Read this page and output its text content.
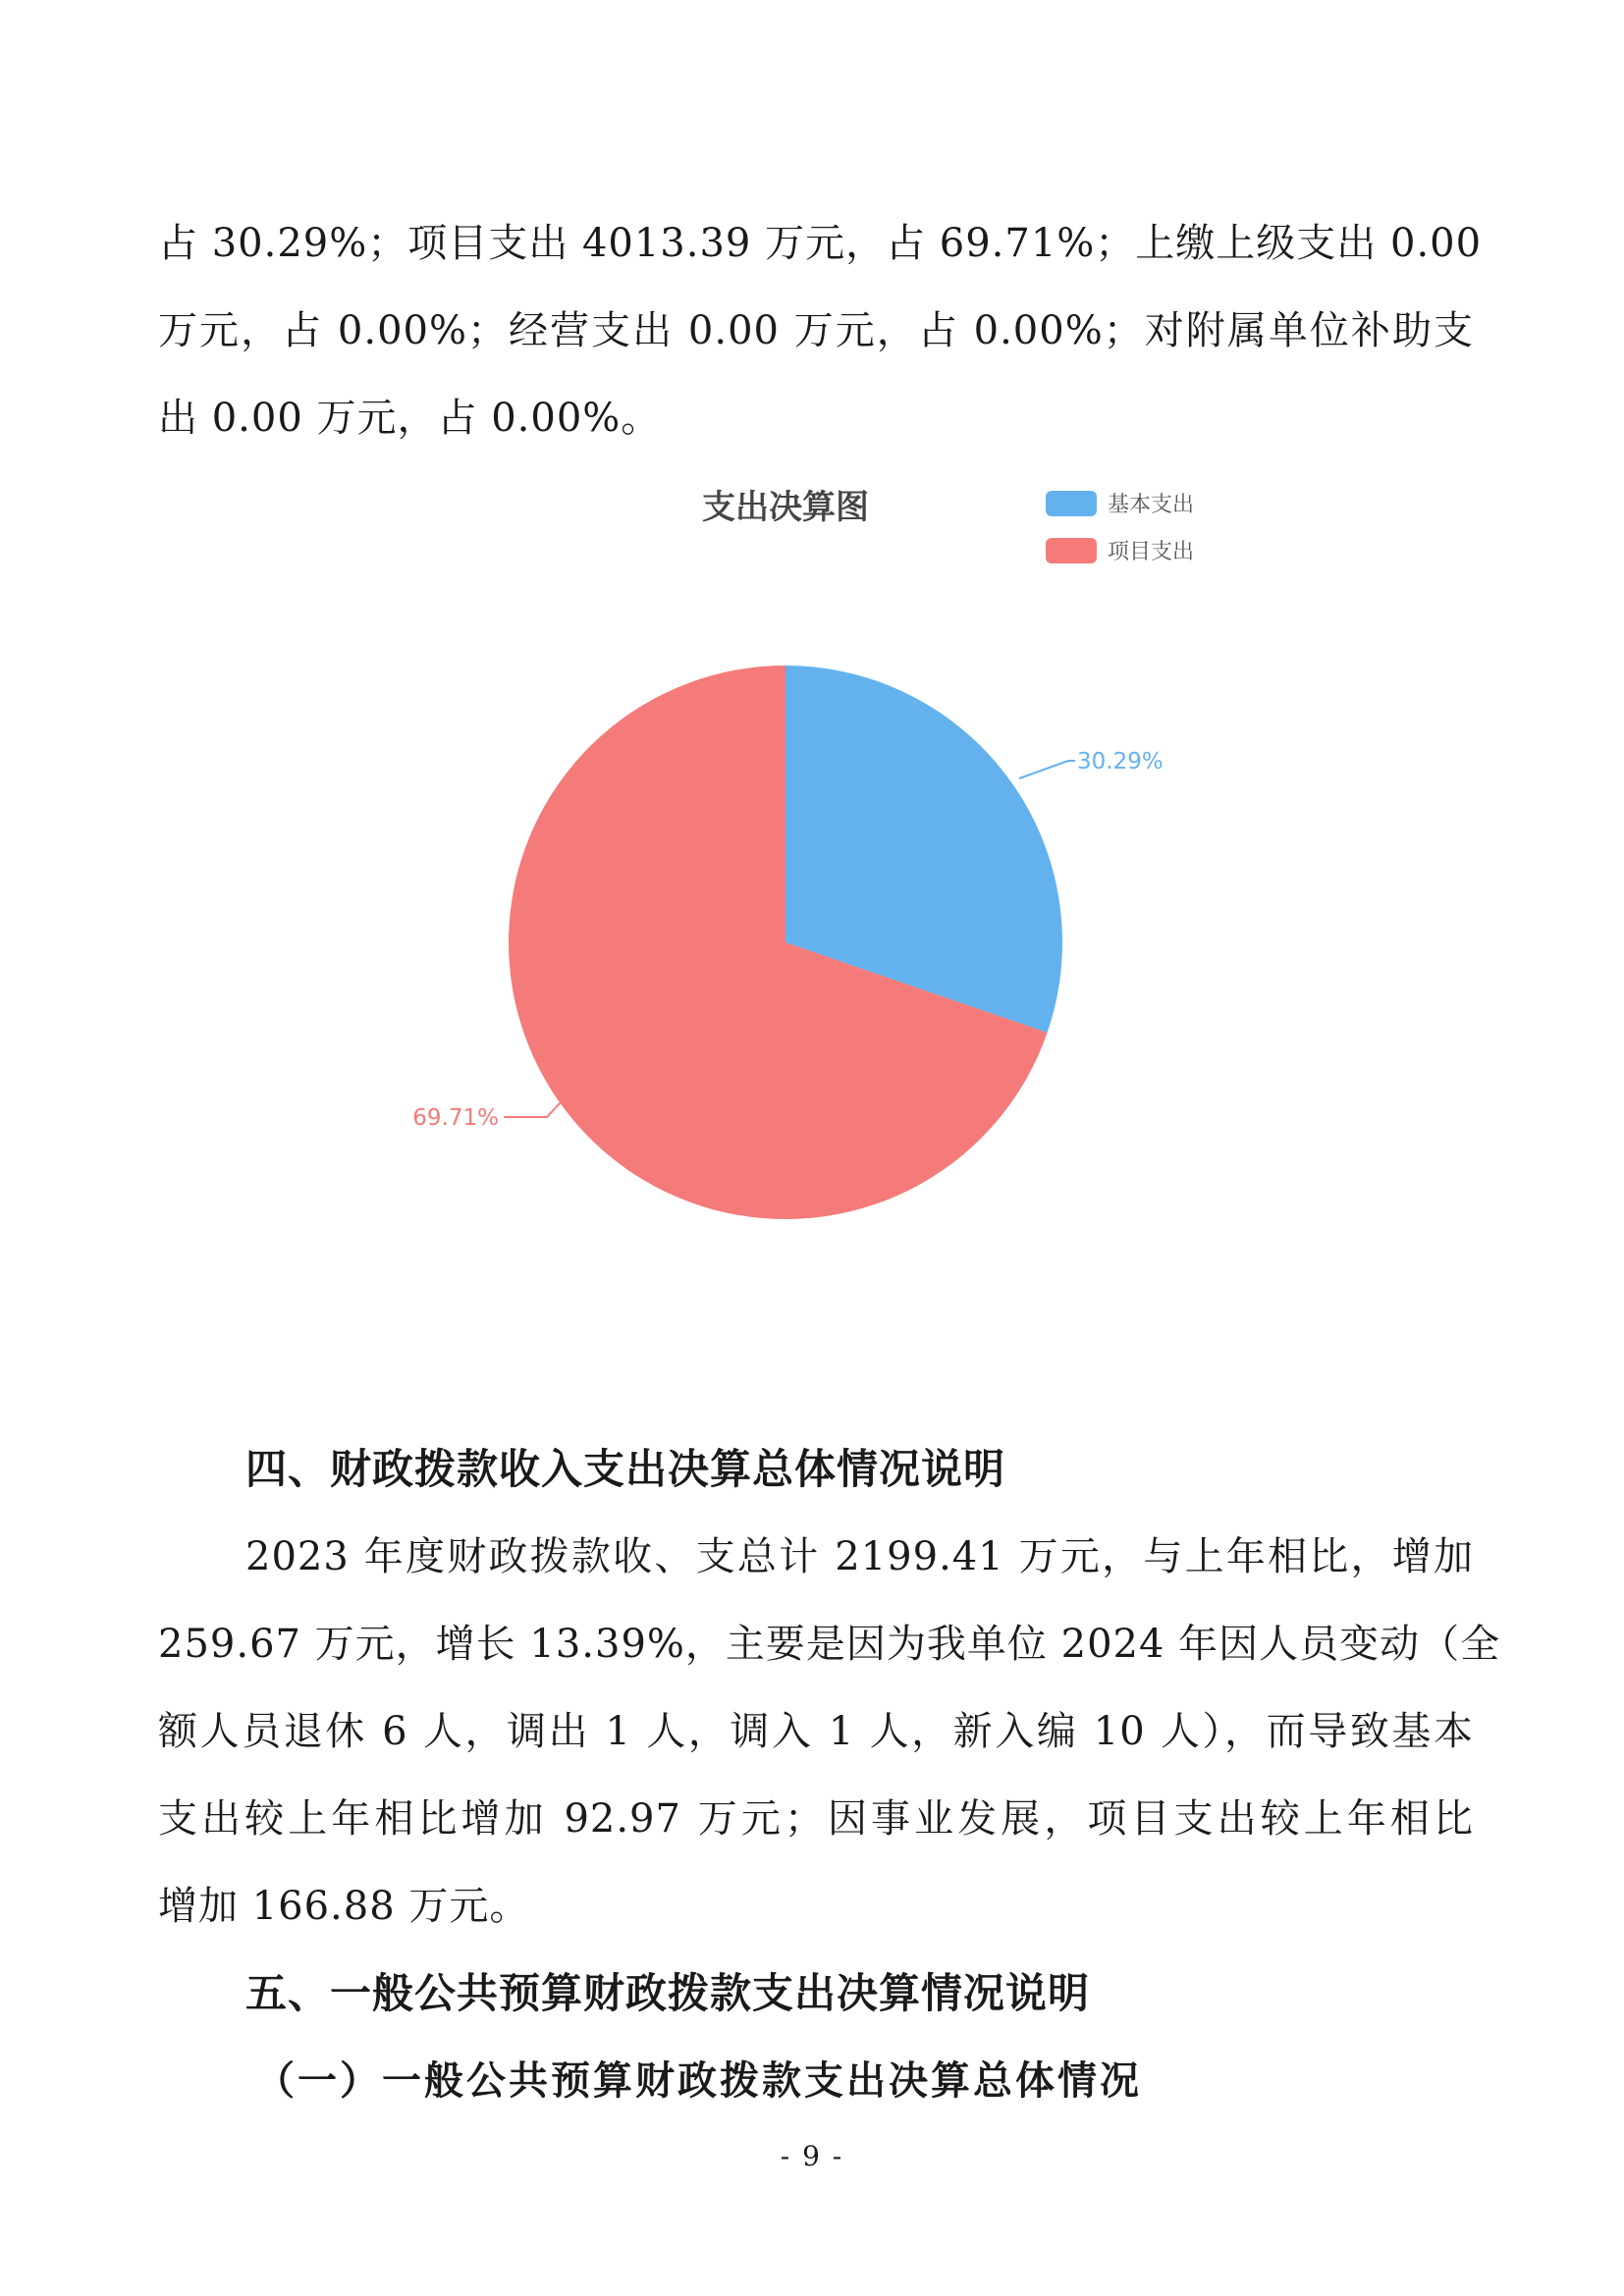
占 30.29%；项目支出 4013.39 万元，占 69.71%；上缴上级支出 0.00
万元，占 0.00%；经营支出 0.00 万元，占 0.00%；对附属单位补助支
出 0.00 万元，占 0.00%。
支出决算图	基本支出
项目支出
30.29%
69.71%
四、财政拨款收入支出决算总体情况说明
2023 年度财政拨款收、支总计 2199.41 万元，与上年相比，增加
259.67 万元，增长 13.39%，主要是因为我单位 2024 年因人员变动（全
额人员退休 6 人，调出 1 人，调入 1 人，新入编 10 人），而导致基本
支出较上年相比增加 92.97 万元；因事业发展，项目支出较上年相比
增加 166.88 万元。
五、一般公共预算财政拨款支出决算情况说明
（一）一般公共预算财政拨款支出决算总体情况
- 9 -
